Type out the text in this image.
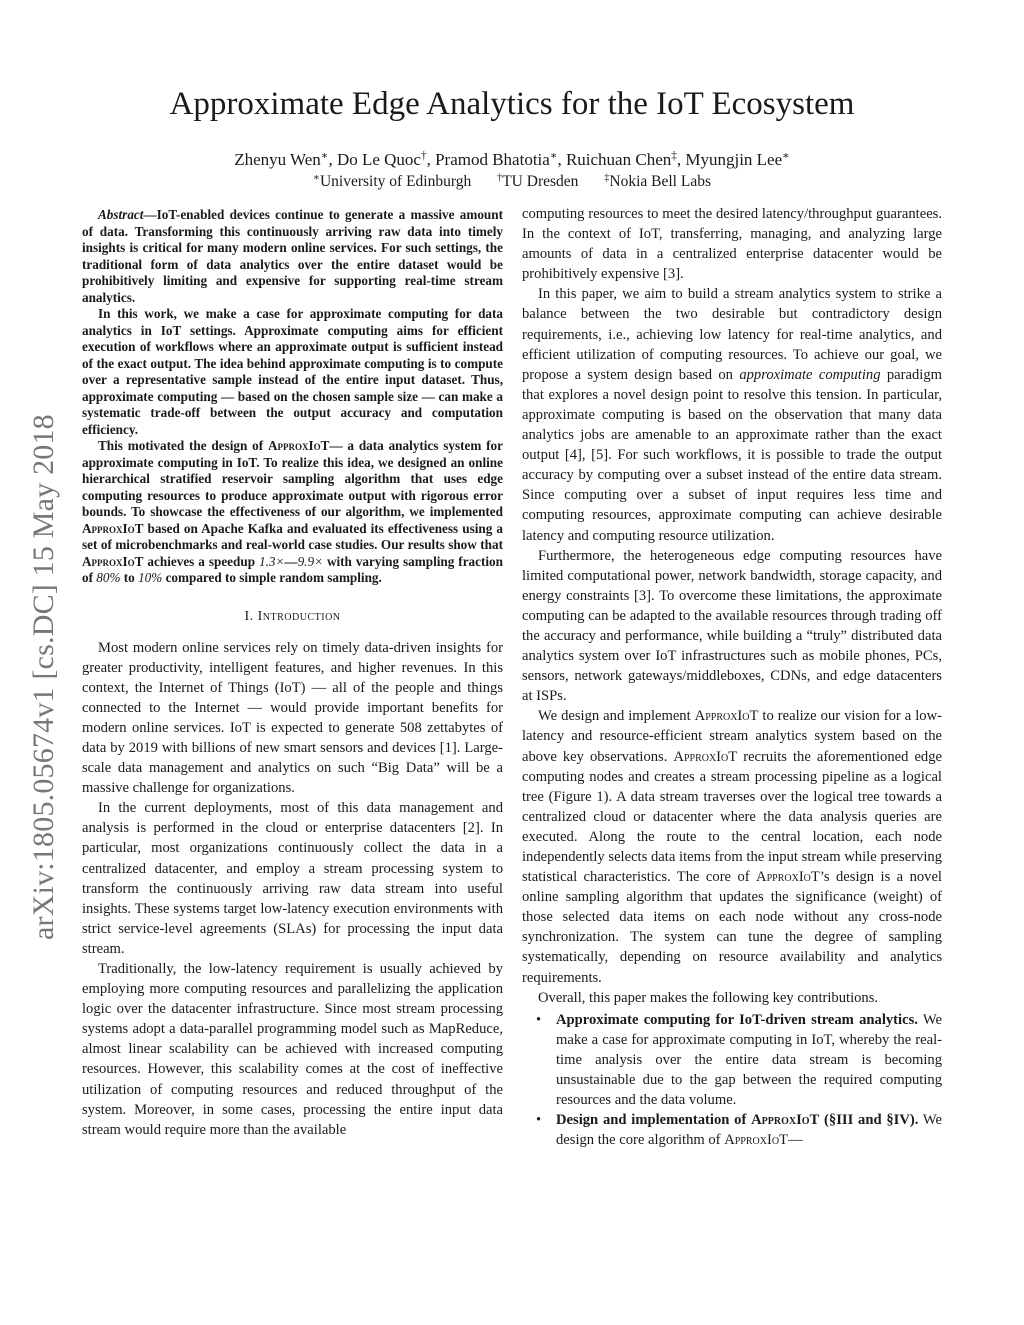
arXiv:1805.05674v1 [cs.DC] 15 May 2018
Approximate Edge Analytics for the IoT Ecosystem
Zhenyu Wen∗, Do Le Quoc†, Pramod Bhatotia∗, Ruichuan Chen‡, Myungjin Lee∗
∗University of Edinburgh	†TU Dresden	‡Nokia Bell Labs

Abstract—IoT-enabled devices continue to generate a massive amount of data. Transforming this continuously arriving raw data into timely insights is critical for many modern online services. For such settings, the traditional form of data analytics over the entire dataset would be prohibitively limiting and expensive for supporting real-time stream analytics.

In this work, we make a case for approximate computing for data analytics in IoT settings. Approximate computing aims for efficient execution of workflows where an approximate output is sufficient instead of the exact output. The idea behind approximate computing is to compute over a representative sample instead of the entire input dataset. Thus, approximate computing — based on the chosen sample size — can make a systematic trade-off between the output accuracy and computation efficiency.

This motivated the design of ApproxIoT— a data analytics system for approximate computing in IoT. To realize this idea, we designed an online hierarchical stratified reservoir sampling algorithm that uses edge computing resources to produce approximate output with rigorous error bounds. To showcase the effectiveness of our algorithm, we implemented ApproxIoT based on Apache Kafka and evaluated its effectiveness using a set of microbenchmarks and real-world case studies. Our results show that ApproxIoT achieves a speedup 1.3×—9.9× with varying sampling fraction of 80% to 10% compared to simple random sampling.

I. Introduction

Most modern online services rely on timely data-driven insights for greater productivity, intelligent features, and higher revenues. In this context, the Internet of Things (IoT) — all of the people and things connected to the Internet — would provide important benefits for modern online services. IoT is expected to generate 508 zettabytes of data by 2019 with billions of new smart sensors and devices [1]. Large-scale data management and analytics on such “Big Data” will be a massive challenge for organizations.

In the current deployments, most of this data management and analysis is performed in the cloud or enterprise datacenters [2]. In particular, most organizations continuously collect the data in a centralized datacenter, and employ a stream processing system to transform the continuously arriving raw data stream into useful insights. These systems target low-latency execution environments with strict service-level agreements (SLAs) for processing the input data stream.

Traditionally, the low-latency requirement is usually achieved by employing more computing resources and parallelizing the application logic over the datacenter infrastructure. Since most stream processing systems adopt a data-parallel programming model such as MapReduce, almost linear scalability can be achieved with increased computing resources. However, this scalability comes at the cost of ineffective utilization of computing resources and reduced throughput of the system. Moreover, in some cases, processing the entire input data stream would require more than the available

computing resources to meet the desired latency/throughput guarantees. In the context of IoT, transferring, managing, and analyzing large amounts of data in a centralized enterprise datacenter would be prohibitively expensive [3].

In this paper, we aim to build a stream analytics system to strike a balance between the two desirable but contradictory design requirements, i.e., achieving low latency for real-time analytics, and efficient utilization of computing resources. To achieve our goal, we propose a system design based on approximate computing paradigm that explores a novel design point to resolve this tension. In particular, approximate computing is based on the observation that many data analytics jobs are amenable to an approximate rather than the exact output [4], [5]. For such workflows, it is possible to trade the output accuracy by computing over a subset instead of the entire data stream. Since computing over a subset of input requires less time and computing resources, approximate computing can achieve desirable latency and computing resource utilization.

Furthermore, the heterogeneous edge computing resources have limited computational power, network bandwidth, storage capacity, and energy constraints [3]. To overcome these limitations, the approximate computing can be adapted to the available resources through trading off the accuracy and performance, while building a “truly” distributed data analytics system over IoT infrastructures such as mobile phones, PCs, sensors, network gateways/middleboxes, CDNs, and edge datacenters at ISPs.

We design and implement ApproxIoT to realize our vision for a low-latency and resource-efficient stream analytics system based on the above key observations. ApproxIoT recruits the aforementioned edge computing nodes and creates a stream processing pipeline as a logical tree (Figure 1). A data stream traverses over the logical tree towards a centralized cloud or datacenter where the data analysis queries are executed. Along the route to the central location, each node independently selects data items from the input stream while preserving statistical characteristics. The core of ApproxIoT’s design is a novel online sampling algorithm that updates the significance (weight) of those selected data items on each node without any cross-node synchronization. The system can tune the degree of sampling systematically, depending on resource availability and analytics requirements.

Overall, this paper makes the following key contributions.

• Approximate computing for IoT-driven stream analytics. We make a case for approximate computing in IoT, whereby the real-time analysis over the entire data stream is becoming unsustainable due to the gap between the required computing resources and the data volume.
• Design and implementation of ApproxIoT (§III and §IV). We design the core algorithm of ApproxIoT—
